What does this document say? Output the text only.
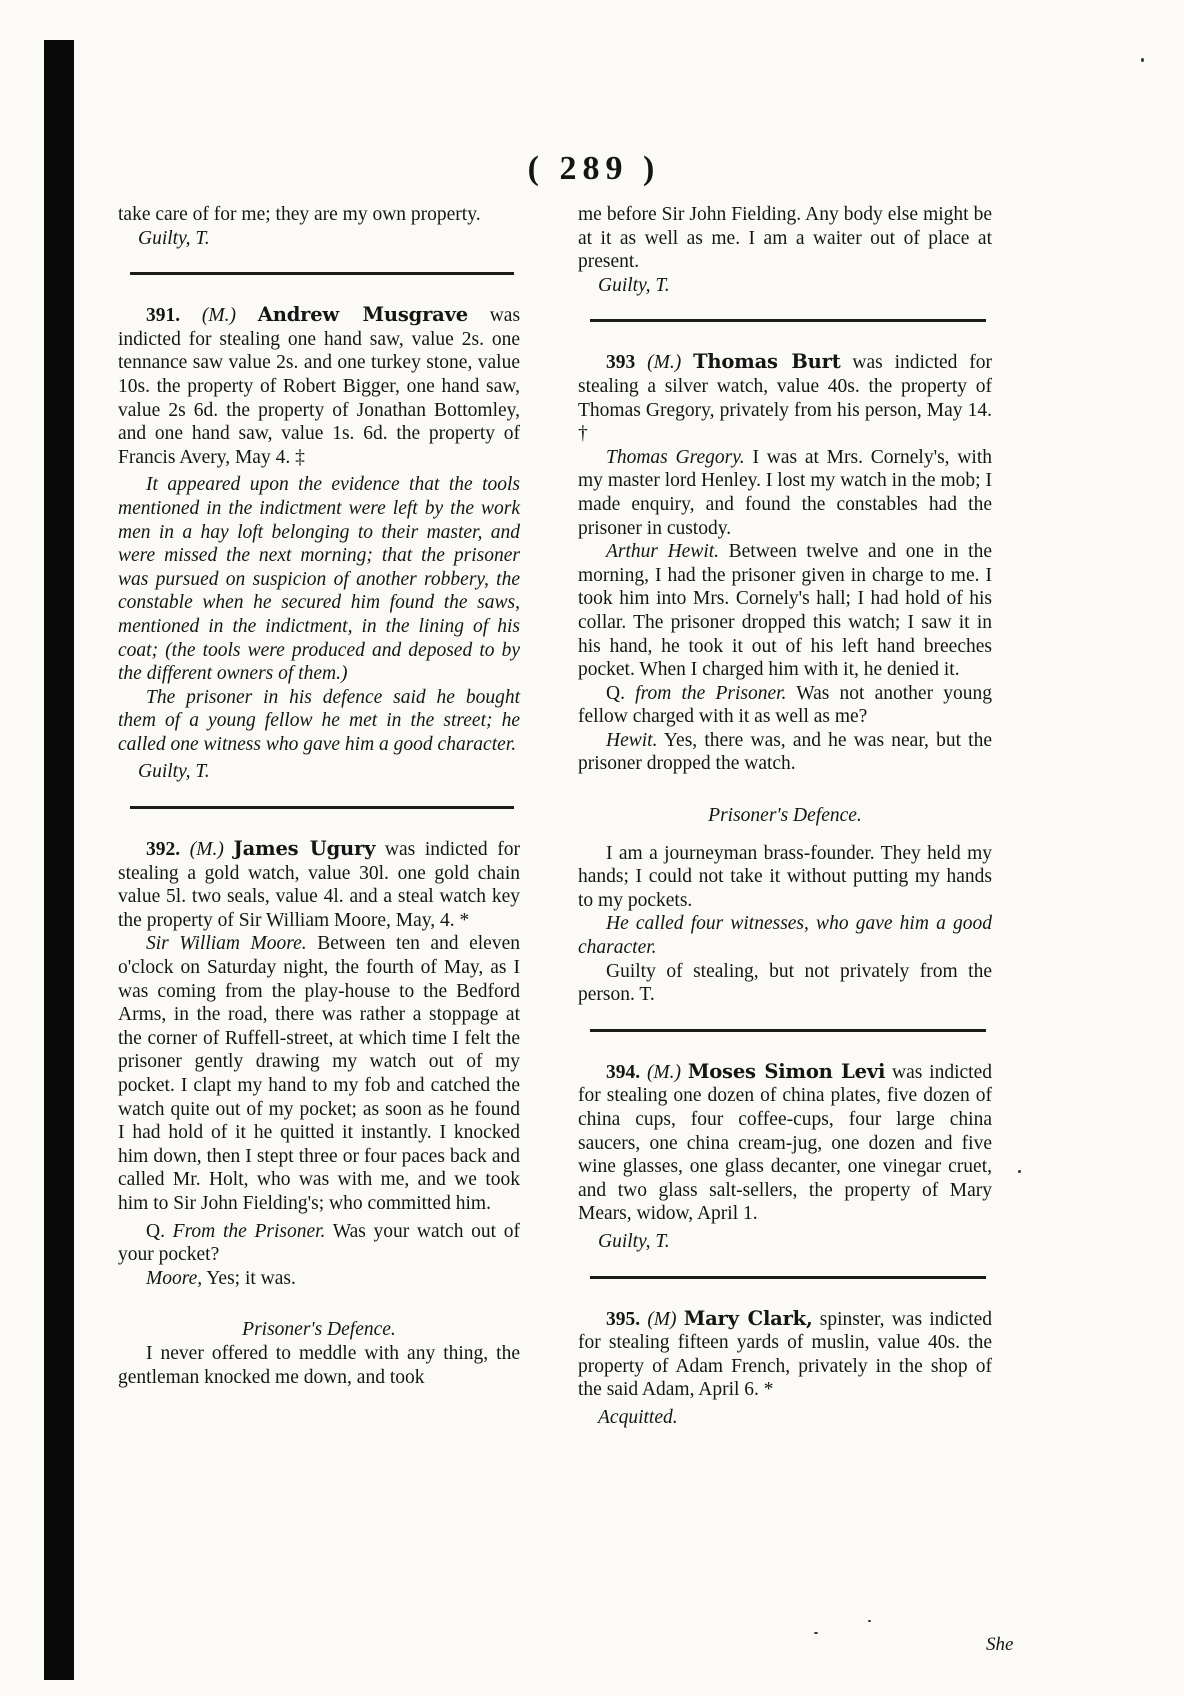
( 289 )

take care of for me; they are my own property.

Guilty, T.

391. (M.) Andrew Musgrave was indicted for stealing one hand saw, value 2s. one tennance saw value 2s. and one turkey stone, value 10s. the property of Robert Bigger, one hand saw, value 2s 6d. the property of Jonathan Bottomley, and one hand saw, value 1s. 6d. the property of Francis Avery, May 4. ‡

It appeared upon the evidence that the tools mentioned in the indictment were left by the work men in a hay loft belonging to their master, and were missed the next morning; that the prisoner was pursued on suspicion of another robbery, the constable when he secured him found the saws, mentioned in the indictment, in the lining of his coat; (the tools were produced and deposed to by the different owners of them.)

The prisoner in his defence said he bought them of a young fellow he met in the street; he called one witness who gave him a good character.

Guilty, T.

392. (M.) James Ugury was indicted for stealing a gold watch, value 30l. one gold chain value 5l. two seals, value 4l. and a steal watch key the property of Sir William Moore, May, 4. *

Sir William Moore. Between ten and eleven o'clock on Saturday night, the fourth of May, as I was coming from the play-house to the Bedford Arms, in the road, there was rather a stoppage at the corner of Ruffell-street, at which time I felt the prisoner gently drawing my watch out of my pocket. I clapt my hand to my fob and catched the watch quite out of my pocket; as soon as he found I had hold of it he quitted it instantly. I knocked him down, then I stept three or four paces back and called Mr. Holt, who was with me, and we took him to Sir John Fielding's; who committed him.

Q. From the Prisoner. Was your watch out of your pocket?

Moore, Yes; it was.

Prisoner's Defence.

I never offered to meddle with any thing, the gentleman knocked me down, and took

me before Sir John Fielding. Any body else might be at it as well as me. I am a waiter out of place at present.

Guilty, T.

393 (M.) Thomas Burt was indicted for stealing a silver watch, value 40s. the property of Thomas Gregory, privately from his person, May 14. †

Thomas Gregory. I was at Mrs. Cornely's, with my master lord Henley. I lost my watch in the mob; I made enquiry, and found the constables had the prisoner in custody.

Arthur Hewit. Between twelve and one in the morning, I had the prisoner given in charge to me. I took him into Mrs. Cornely's hall; I had hold of his collar. The prisoner dropped this watch; I saw it in his hand, he took it out of his left hand breeches pocket. When I charged him with it, he denied it.

Q. from the Prisoner. Was not another young fellow charged with it as well as me?

Hewit. Yes, there was, and he was near, but the prisoner dropped the watch.

Prisoner's Defence.

I am a journeyman brass-founder. They held my hands; I could not take it without putting my hands to my pockets.

He called four witnesses, who gave him a good character.

Guilty of stealing, but not privately from the person. T.

394. (M.) Moses Simon Levi was indicted for stealing one dozen of china plates, five dozen of china cups, four coffee-cups, four large china saucers, one china cream-jug, one dozen and five wine glasses, one glass decanter, one vinegar cruet, and two glass salt-sellers, the property of Mary Mears, widow, April 1.

Guilty, T.

395. (M) Mary Clark, spinster, was indicted for stealing fifteen yards of muslin, value 40s. the property of Adam French, privately in the shop of the said Adam, April 6. *

Acquitted.

She
